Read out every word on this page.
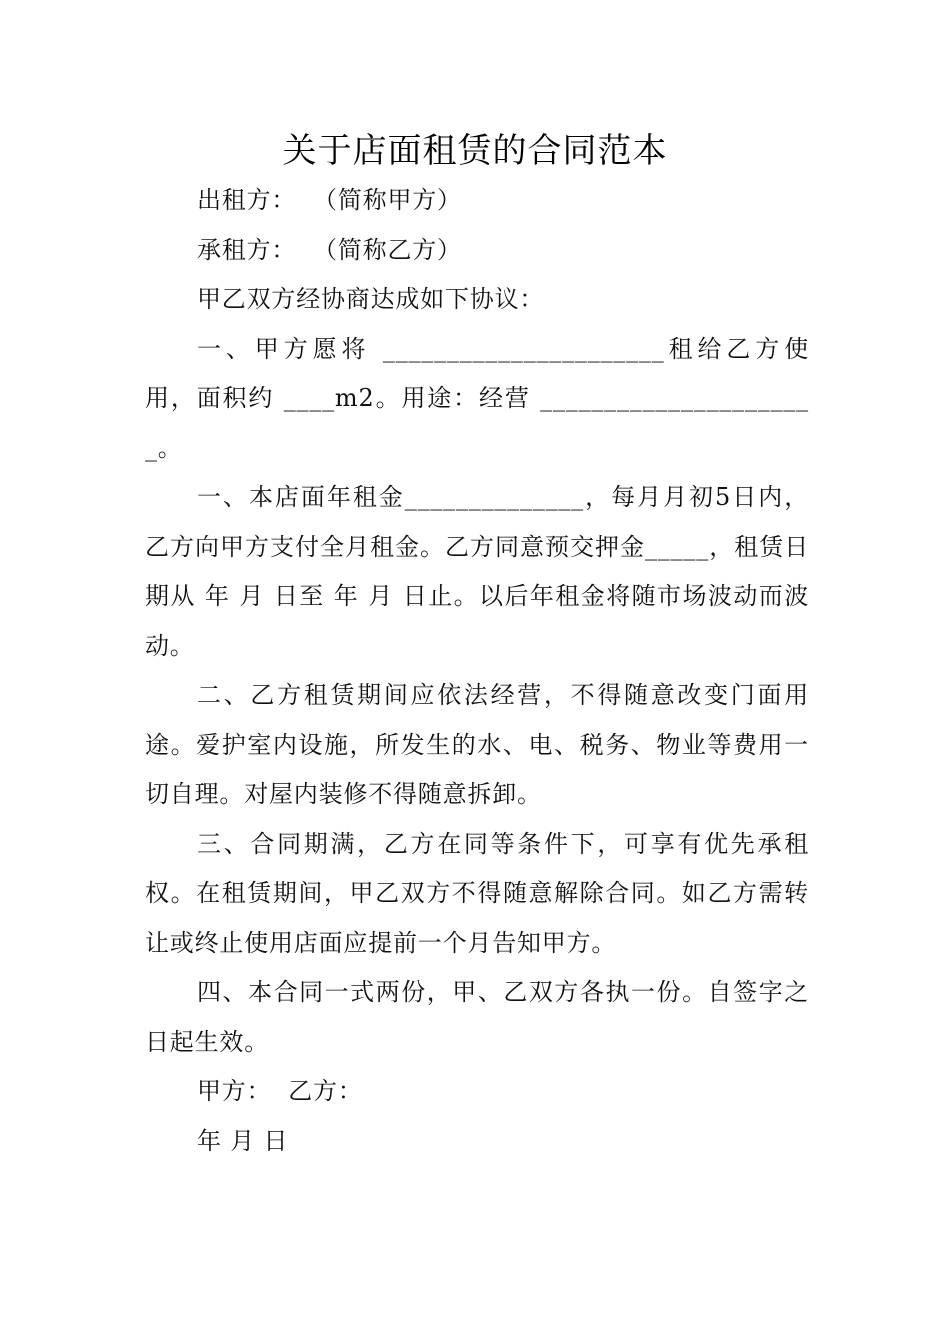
关于店面租赁的合同范本

出租方：  （简称甲方）

承租方：  （简称乙方）

甲乙双方经协商达成如下协议：

一、甲方愿将 ______________________租给乙方使用，面积约 ____m2。用途：经营 ______________________。

一、本店面年租金______________，每月月初5日内，乙方向甲方支付全月租金。乙方同意预交押金_____，租赁日期从 年 月 日至 年 月 日止。以后年租金将随市场波动而波动。

二、乙方租赁期间应依法经营，不得随意改变门面用途。爱护室内设施，所发生的水、电、税务、物业等费用一切自理。对屋内装修不得随意拆卸。

三、合同期满，乙方在同等条件下，可享有优先承租权。在租赁期间，甲乙双方不得随意解除合同。如乙方需转让或终止使用店面应提前一个月告知甲方。

四、本合同一式两份，甲、乙双方各执一份。自签字之日起生效。

甲方：  乙方：

年 月 日
